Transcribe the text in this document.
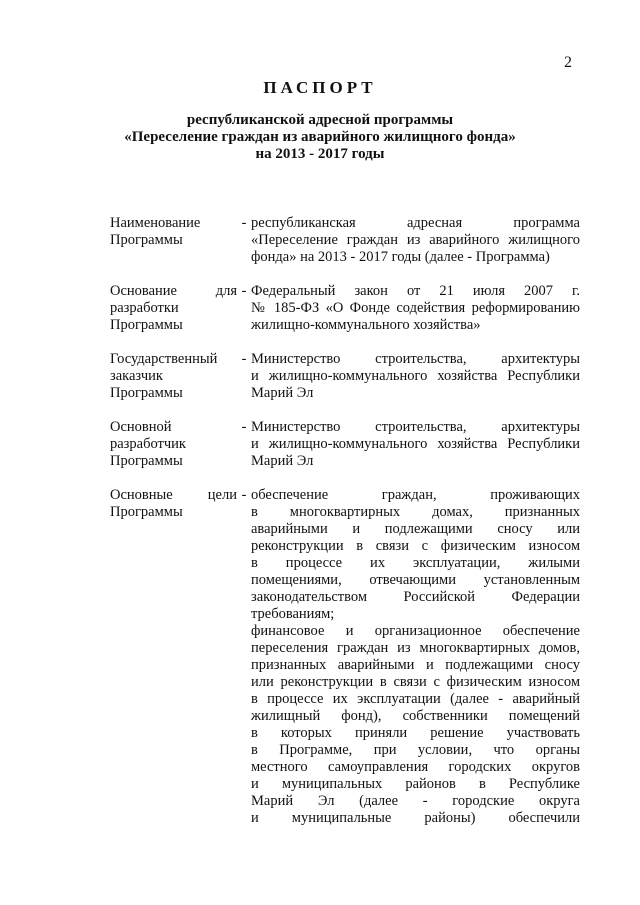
2
ПАСПОРТ
республиканской адресной программы
«Переселение граждан из аварийного жилищного фонда»
на 2013 - 2017 годы
Наименование
Программы
- республиканская адресная программа
«Переселение граждан из аварийного жилищного
фонда» на 2013 - 2017 годы (далее - Программа)
Основание для
разработки
Программы
- Федеральный закон от 21 июля 2007 г.
№ 185-ФЗ «О Фонде содействия реформированию
жилищно-коммунального хозяйства»
Государственный
заказчик
Программы
- Министерство строительства, архитектуры
и жилищно-коммунального хозяйства Республики
Марий Эл
Основной
разработчик
Программы
- Министерство строительства, архитектуры
и жилищно-коммунального хозяйства Республики
Марий Эл
Основные цели
Программы
- обеспечение граждан, проживающих
в многоквартирных домах, признанных
аварийными и подлежащими сносу или
реконструкции в связи с физическим износом
в процессе их эксплуатации, жилыми
помещениями, отвечающими установленным
законодательством Российской Федерации
требованиям;
финансовое и организационное обеспечение
переселения граждан из многоквартирных домов,
признанных аварийными и подлежащими сносу
или реконструкции в связи с физическим износом
в процессе их эксплуатации (далее - аварийный
жилищный фонд), собственники помещений
в которых приняли решение участвовать
в Программе, при условии, что органы
местного самоуправления городских округов
и муниципальных районов в Республике
Марий Эл (далее - городские округа
и муниципальные районы) обеспечили
